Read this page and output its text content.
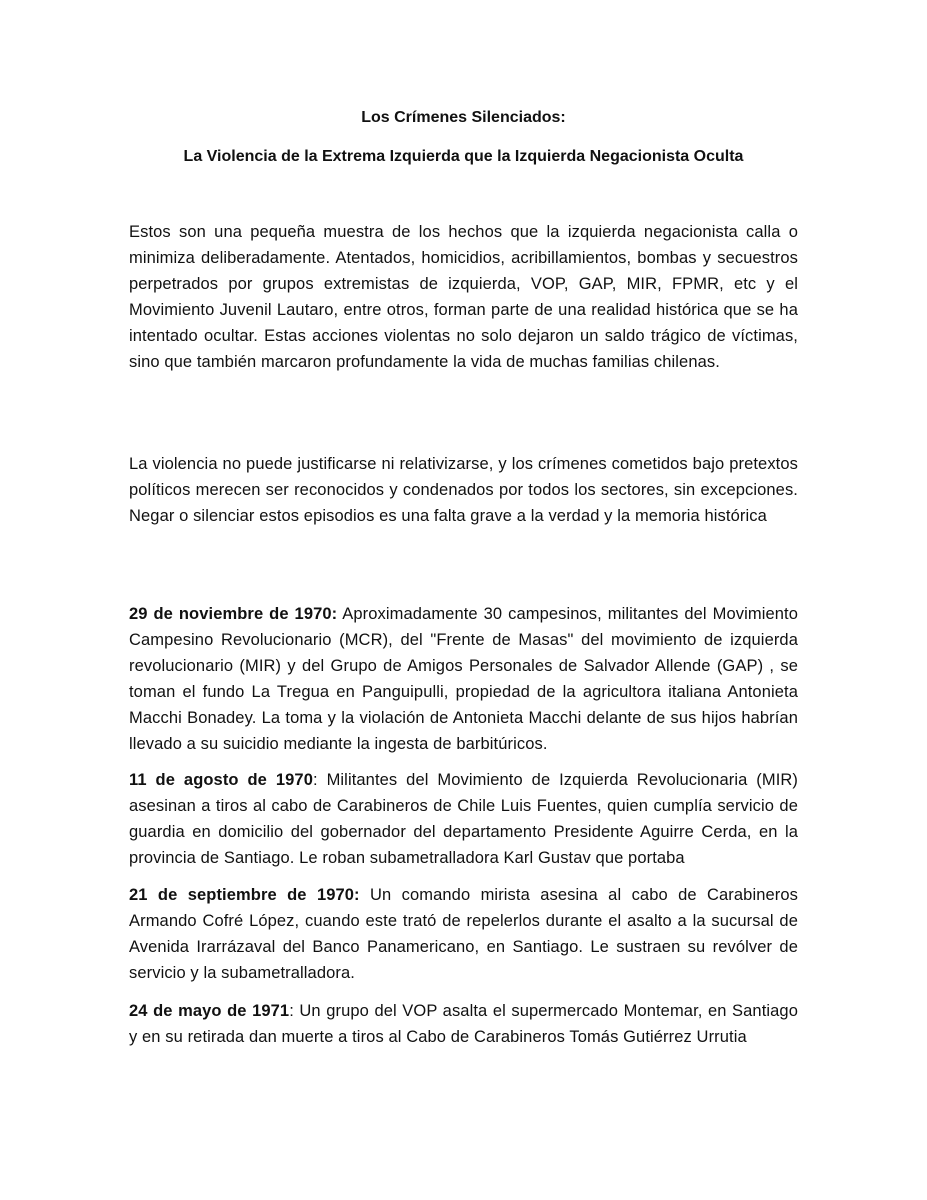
Los Crímenes Silenciados:

La Violencia de la Extrema Izquierda que la Izquierda Negacionista Oculta

Estos son una pequeña muestra de los hechos que la izquierda negacionista calla o minimiza deliberadamente. Atentados, homicidios, acribillamientos, bombas y secuestros perpetrados por grupos extremistas de izquierda, VOP, GAP, MIR, FPMR, etc y el Movimiento Juvenil Lautaro, entre otros, forman parte de una realidad histórica que se ha intentado ocultar. Estas acciones violentas no solo dejaron un saldo trágico de víctimas, sino que también marcaron profundamente la vida de muchas familias chilenas.

La violencia no puede justificarse ni relativizarse, y los crímenes cometidos bajo pretextos políticos merecen ser reconocidos y condenados por todos los sectores, sin excepciones. Negar o silenciar estos episodios es una falta grave a la verdad y la memoria histórica

29 de noviembre de 1970: Aproximadamente 30 campesinos, militantes del Movimiento Campesino Revolucionario (MCR), del "Frente de Masas" del movimiento de izquierda revolucionario (MIR) y del Grupo de Amigos Personales de Salvador Allende (GAP) , se toman el fundo La Tregua en Panguipulli, propiedad de la agricultora italiana Antonieta Macchi Bonadey. La toma y la violación de Antonieta Macchi delante de sus hijos habrían llevado a su suicidio mediante la ingesta de barbitúricos.

11 de agosto de 1970: Militantes del Movimiento de Izquierda Revolucionaria (MIR) asesinan a tiros al cabo de Carabineros de Chile Luis Fuentes, quien cumplía servicio de guardia en domicilio del gobernador del departamento Presidente Aguirre Cerda, en la provincia de Santiago. Le roban subametralladora Karl Gustav que portaba

21 de septiembre de 1970: Un comando mirista asesina al cabo de Carabineros Armando Cofré López, cuando este trató de repelerlos durante el asalto a la sucursal de Avenida Irarrázaval del Banco Panamericano, en Santiago. Le sustraen su revólver de servicio y la subametralladora.

24 de mayo de 1971: Un grupo del VOP asalta el supermercado Montemar, en Santiago y en su retirada dan muerte a tiros al Cabo de Carabineros Tomás Gutiérrez Urrutia
